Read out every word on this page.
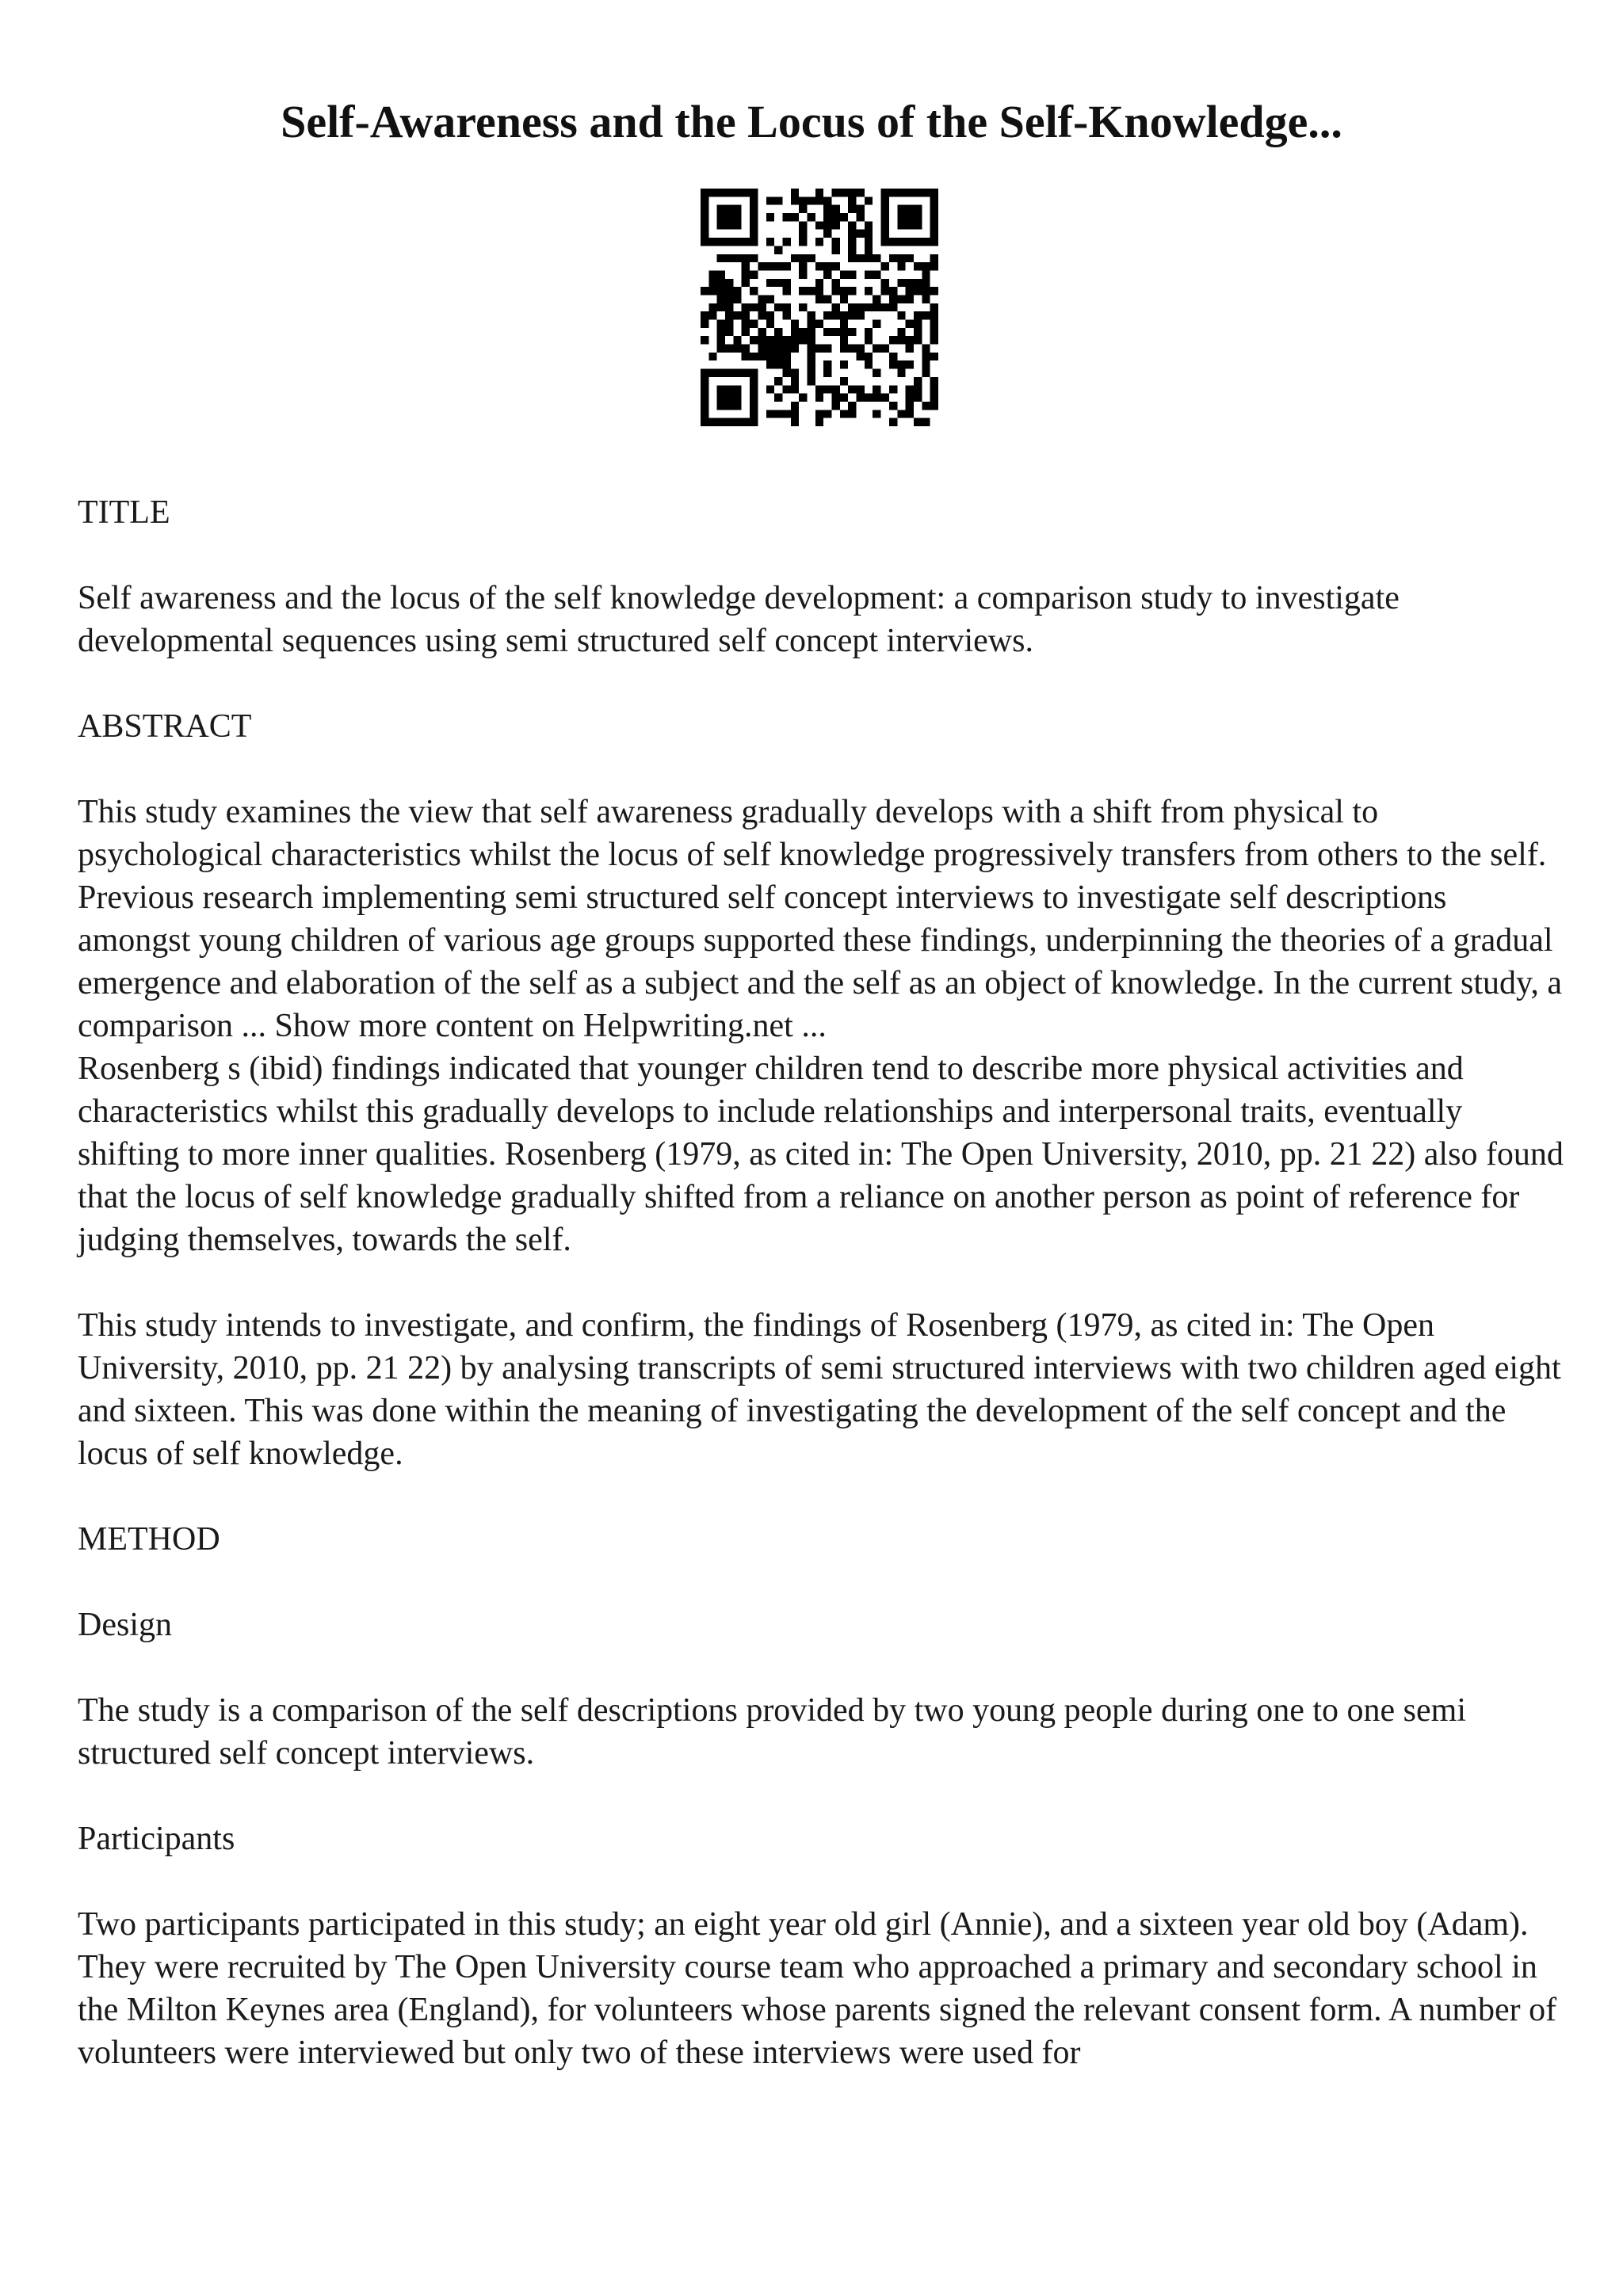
Self-Awareness and the Locus of the Self-Knowledge...

TITLE

Self awareness and the locus of the self knowledge development: a comparison study to investigate developmental sequences using semi structured self concept interviews.

ABSTRACT

This study examines the view that self awareness gradually develops with a shift from physical to psychological characteristics whilst the locus of self knowledge progressively transfers from others to the self. Previous research implementing semi structured self concept interviews to investigate self descriptions amongst young children of various age groups supported these findings, underpinning the theories of a gradual emergence and elaboration of the self as a subject and the self as an object of knowledge. In the current study, a comparison ... Show more content on Helpwriting.net ...

Rosenberg s (ibid) findings indicated that younger children tend to describe more physical activities and characteristics whilst this gradually develops to include relationships and interpersonal traits, eventually shifting to more inner qualities. Rosenberg (1979, as cited in: The Open University, 2010, pp. 21 22) also found that the locus of self knowledge gradually shifted from a reliance on another person as point of reference for judging themselves, towards the self.

This study intends to investigate, and confirm, the findings of Rosenberg (1979, as cited in: The Open University, 2010, pp. 21 22) by analysing transcripts of semi structured interviews with two children aged eight and sixteen. This was done within the meaning of investigating the development of the self concept and the locus of self knowledge.

METHOD

Design

The study is a comparison of the self descriptions provided by two young people during one to one semi structured self concept interviews.

Participants

Two participants participated in this study; an eight year old girl (Annie), and a sixteen year old boy (Adam). They were recruited by The Open University course team who approached a primary and secondary school in the Milton Keynes area (England), for volunteers whose parents signed the relevant consent form. A number of volunteers were interviewed but only two of these interviews were used for
